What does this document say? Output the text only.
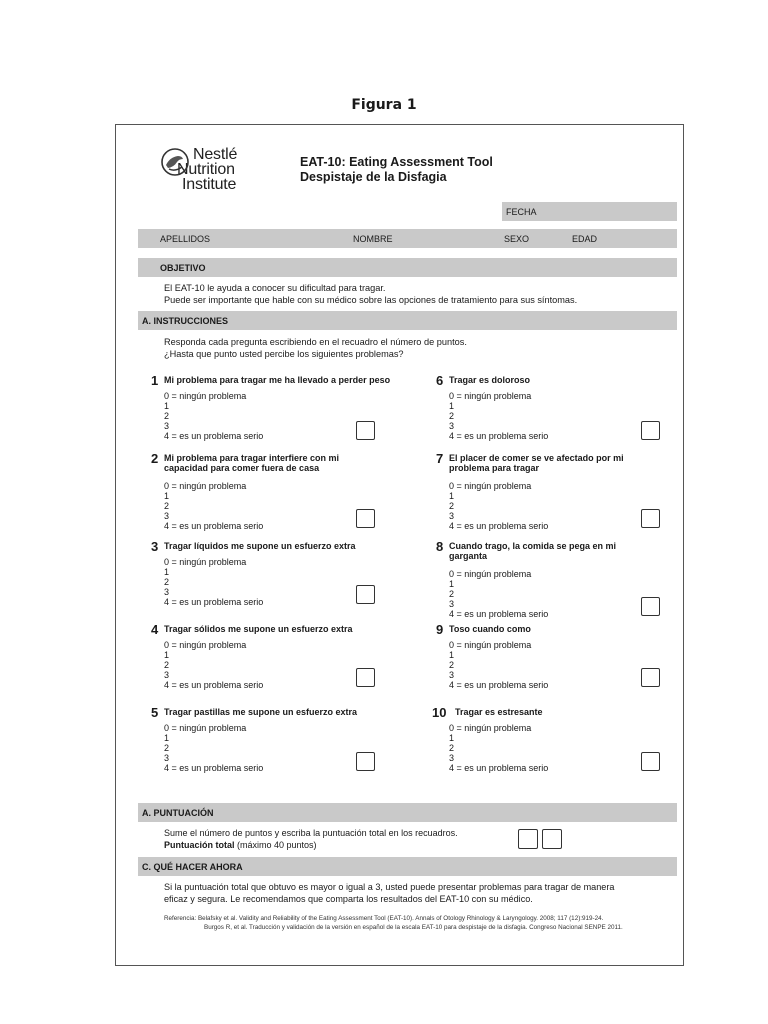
Figura 1
Nestlé
Nutrition
Institute
EAT-10: Eating Assessment Tool
Despistaje de la Disfagia
FECHA
APELLIDOS	NOMBRE	SEXO	EDAD
OBJETIVO
El EAT-10 le ayuda a conocer su dificultad para tragar.
Puede ser importante que hable con su médico sobre las opciones de tratamiento para sus síntomas.
A. INSTRUCCIONES
Responda cada pregunta escribiendo en el recuadro el número de puntos.
¿Hasta que punto usted percibe los siguientes problemas?
1 Mi problema para tragar me ha llevado a perder peso
0 = ningún problema
1
2
3
4 = es un problema serio
2 Mi problema para tragar interfiere con mi capacidad para comer fuera de casa
0 = ningún problema
1
2
3
4 = es un problema serio
3 Tragar líquidos me supone un esfuerzo extra
0 = ningún problema
1
2
3
4 = es un problema serio
4 Tragar sólidos me supone un esfuerzo extra
0 = ningún problema
1
2
3
4 = es un problema serio
5 Tragar pastillas me supone un esfuerzo extra
0 = ningún problema
1
2
3
4 = es un problema serio
6 Tragar es doloroso
0 = ningún problema
1
2
3
4 = es un problema serio
7 El placer de comer se ve afectado por mi problema para tragar
0 = ningún problema
1
2
3
4 = es un problema serio
8 Cuando trago, la comida se pega en mi garganta
0 = ningún problema
1
2
3
4 = es un problema serio
9 Toso cuando como
0 = ningún problema
1
2
3
4 = es un problema serio
10 Tragar es estresante
0 = ningún problema
1
2
3
4 = es un problema serio
A. PUNTUACIÓN
Sume el número de puntos y escriba la puntuación total en los recuadros.
Puntuación total (máximo 40 puntos)
C. QUÉ HACER AHORA
Si la puntuación total que obtuvo es mayor o igual a 3, usted puede presentar problemas para tragar de manera
eficaz y segura. Le recomendamos que comparta los resultados del EAT-10 con su médico.
Referencia: Belafsky et al. Validity and Reliability of the Eating Assessment Tool (EAT-10). Annals of Otology Rhinology & Laryngology. 2008; 117 (12):919-24.
Burgos R, et al. Traducción y validación de la versión en español de la escala EAT-10 para despistaje de la disfagia. Congreso Nacional SENPE 2011.
